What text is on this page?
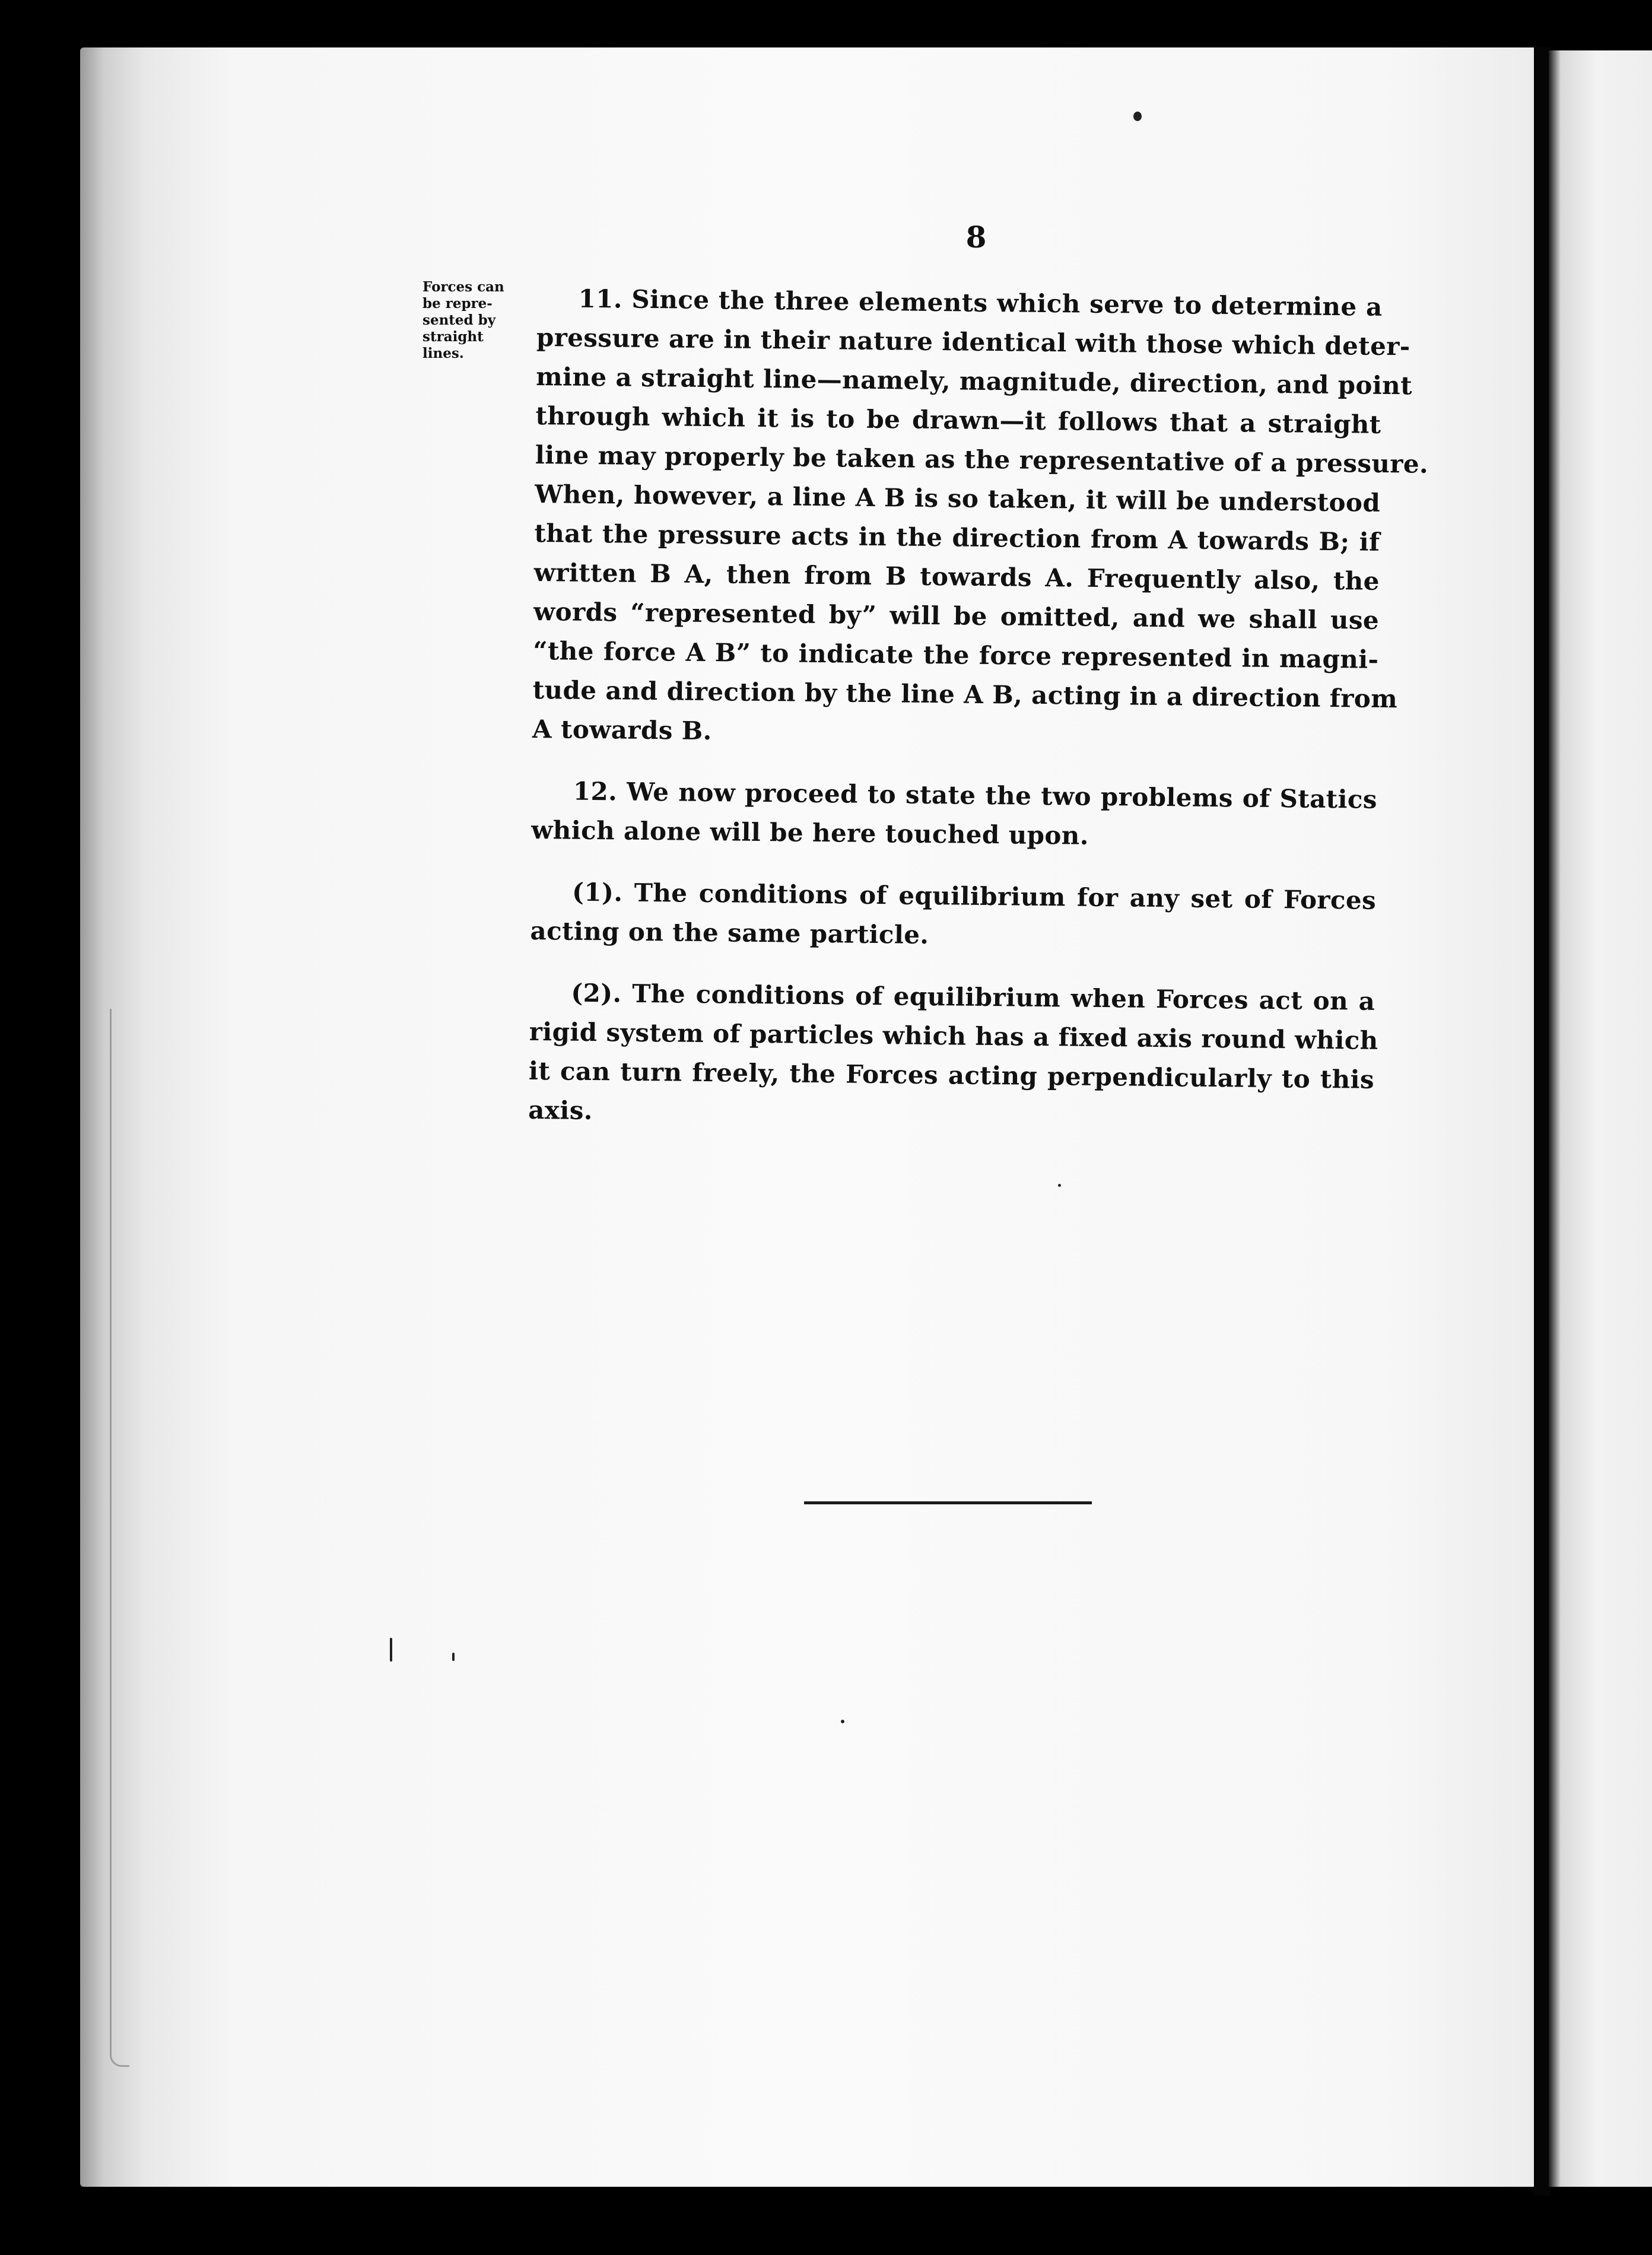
8
Forces can
be repre-
sented by
straight
lines.
11. Since the three elements which serve to determine a
pressure are in their nature identical with those which deter-
mine a straight line—namely, magnitude, direction, and point
through which it is to be drawn—it follows that a straight
line may properly be taken as the representative of a pressure.
When, however, a line A B is so taken, it will be understood
that the pressure acts in the direction from A towards B; if
written B A, then from B towards A. Frequently also, the
words “represented by” will be omitted, and we shall use
“the force A B” to indicate the force represented in magni-
tude and direction by the line A B, acting in a direction from
A towards B.
12. We now proceed to state the two problems of Statics
which alone will be here touched upon.
(1). The conditions of equilibrium for any set of Forces
acting on the same particle.
(2). The conditions of equilibrium when Forces act on a
rigid system of particles which has a fixed axis round which
it can turn freely, the Forces acting perpendicularly to this
axis.
